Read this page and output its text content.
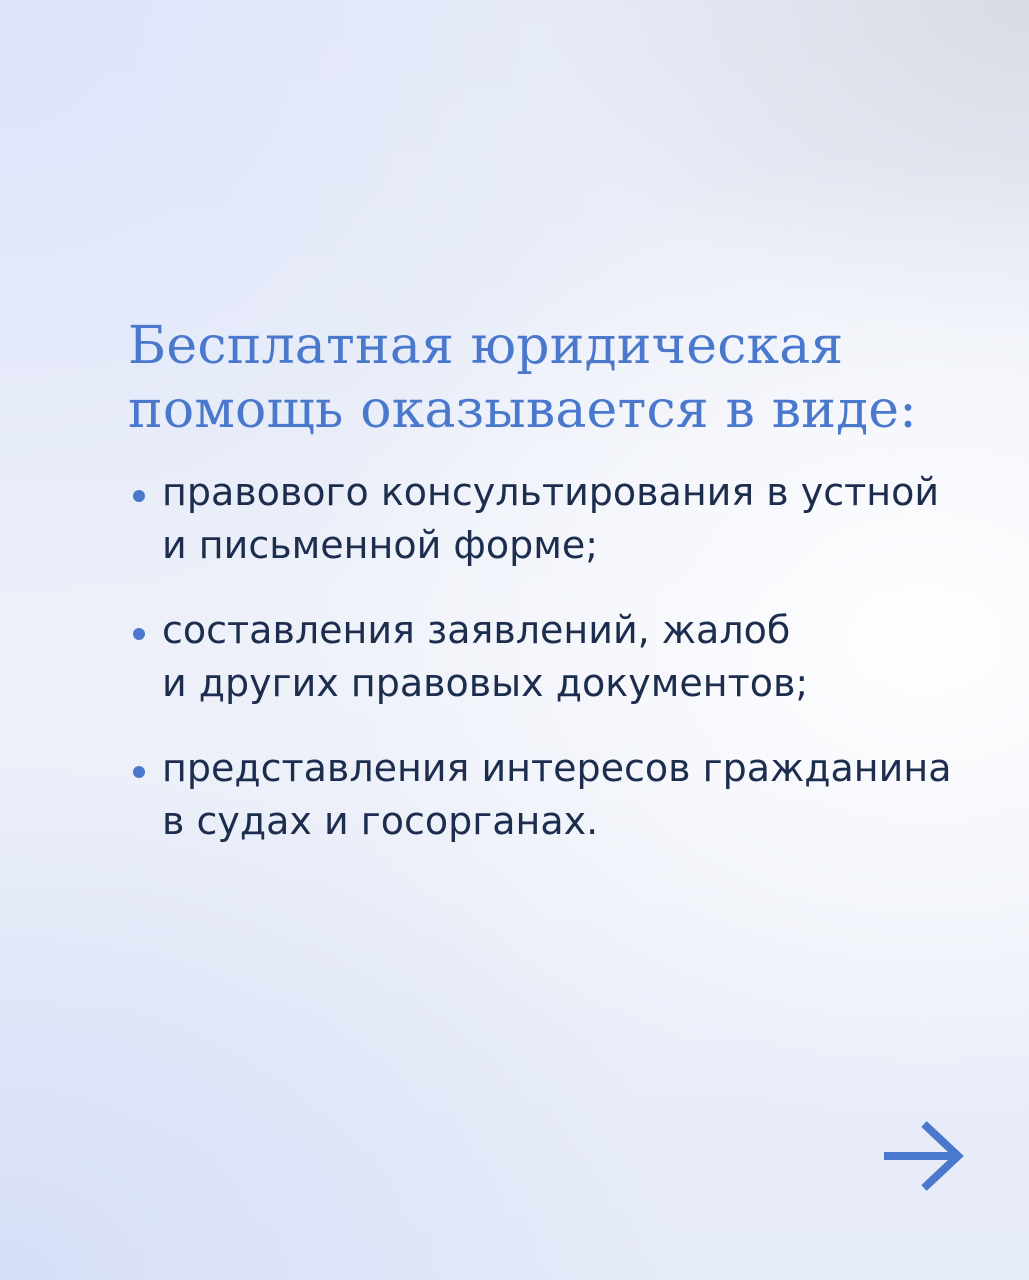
Бесплатная юридическая
помощь оказывается в виде:
правового консультирования в устной
и письменной форме;
составления заявлений, жалоб
и других правовых документов;
представления интересов гражданина
в судах и госорганах.
